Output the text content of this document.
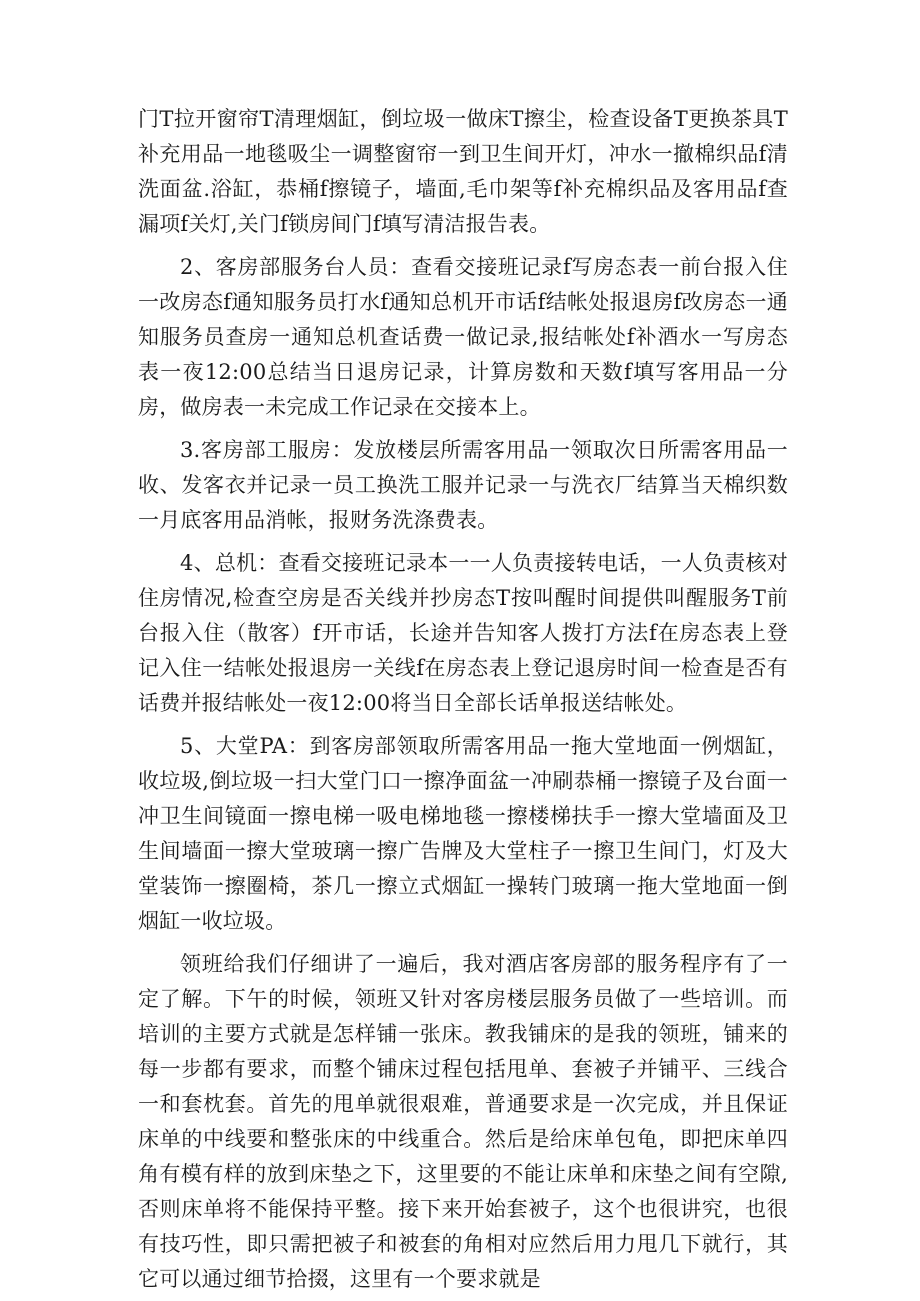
门T拉开窗帘T清理烟缸，倒垃圾一做床T擦尘，检查设备T更换茶具T补充用品一地毯吸尘一调整窗帘一到卫生间开灯，冲水一撤棉织品f清洗面盆.浴缸，恭桶f擦镜子，墙面,毛巾架等f补充棉织品及客用品f查漏项f关灯,关门f锁房间门f填写清洁报告表。

2、客房部服务台人员：查看交接班记录f写房态表一前台报入住一改房态f通知服务员打水f通知总机开市话f结帐处报退房f改房态一通知服务员查房一通知总机查话费一做记录,报结帐处f补酒水一写房态表一夜12:00总结当日退房记录，计算房数和天数f填写客用品一分房，做房表一未完成工作记录在交接本上。

3.客房部工服房：发放楼层所需客用品一领取次日所需客用品一收、发客衣并记录一员工换洗工服并记录一与洗衣厂结算当天棉织数一月底客用品消帐，报财务洗涤费表。

4、总机：查看交接班记录本一一人负责接转电话，一人负责核对住房情况,检查空房是否关线并抄房态T按叫醒时间提供叫醒服务T前台报入住（散客）f开市话，长途并告知客人拨打方法f在房态表上登记入住一结帐处报退房一关线f在房态表上登记退房时间一检查是否有话费并报结帐处一夜12:00将当日全部长话单报送结帐处。

5、大堂PA：到客房部领取所需客用品一拖大堂地面一例烟缸，收垃圾,倒垃圾一扫大堂门口一擦净面盆一冲刷恭桶一擦镜子及台面一冲卫生间镜面一擦电梯一吸电梯地毯一擦楼梯扶手一擦大堂墙面及卫生间墙面一擦大堂玻璃一擦广告牌及大堂柱子一擦卫生间门，灯及大堂装饰一擦圈椅，茶几一擦立式烟缸一操转门玻璃一拖大堂地面一倒烟缸一收垃圾。

领班给我们仔细讲了一遍后，我对酒店客房部的服务程序有了一定了解。下午的时候，领班又针对客房楼层服务员做了一些培训。而培训的主要方式就是怎样铺一张床。教我铺床的是我的领班，铺来的每一步都有要求，而整个铺床过程包括甩单、套被子并铺平、三线合一和套枕套。首先的甩单就很艰难，普通要求是一次完成，并且保证床单的中线要和整张床的中线重合。然后是给床单包龟，即把床单四角有模有样的放到床垫之下，这里要的不能让床单和床垫之间有空隙,否则床单将不能保持平整。接下来开始套被子，这个也很讲究，也很有技巧性，即只需把被子和被套的角相对应然后用力甩几下就行，其它可以通过细节拾掇，这里有一个要求就是
